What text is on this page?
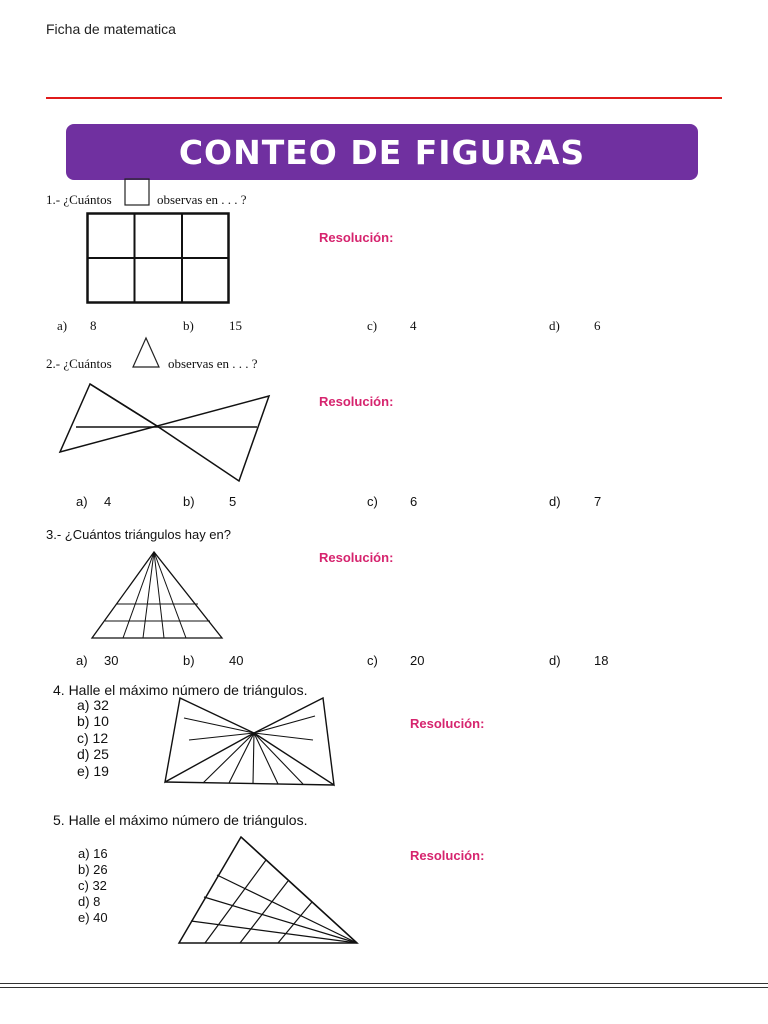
Ficha de matematica
CONTEO DE FIGURAS
1.- ¿Cuántos	observas en . . . ?
Resolución:
a) 8	b)	15	c)	4	d)	6
2.- ¿Cuántos	observas en . . . ?
Resolución:
a) 4	b)	5	c) 6	d)	7
3.- ¿Cuántos triángulos hay en?
Resolución:
a) 30	b)	40	c) 20	d)	18
4. Halle el máximo número de triángulos.
a) 32
b) 10
c) 12
d) 25
e) 19
Resolución:
5. Halle el máximo número de triángulos.
a) 16
b) 26
c) 32
d) 8
e) 40
Resolución:
